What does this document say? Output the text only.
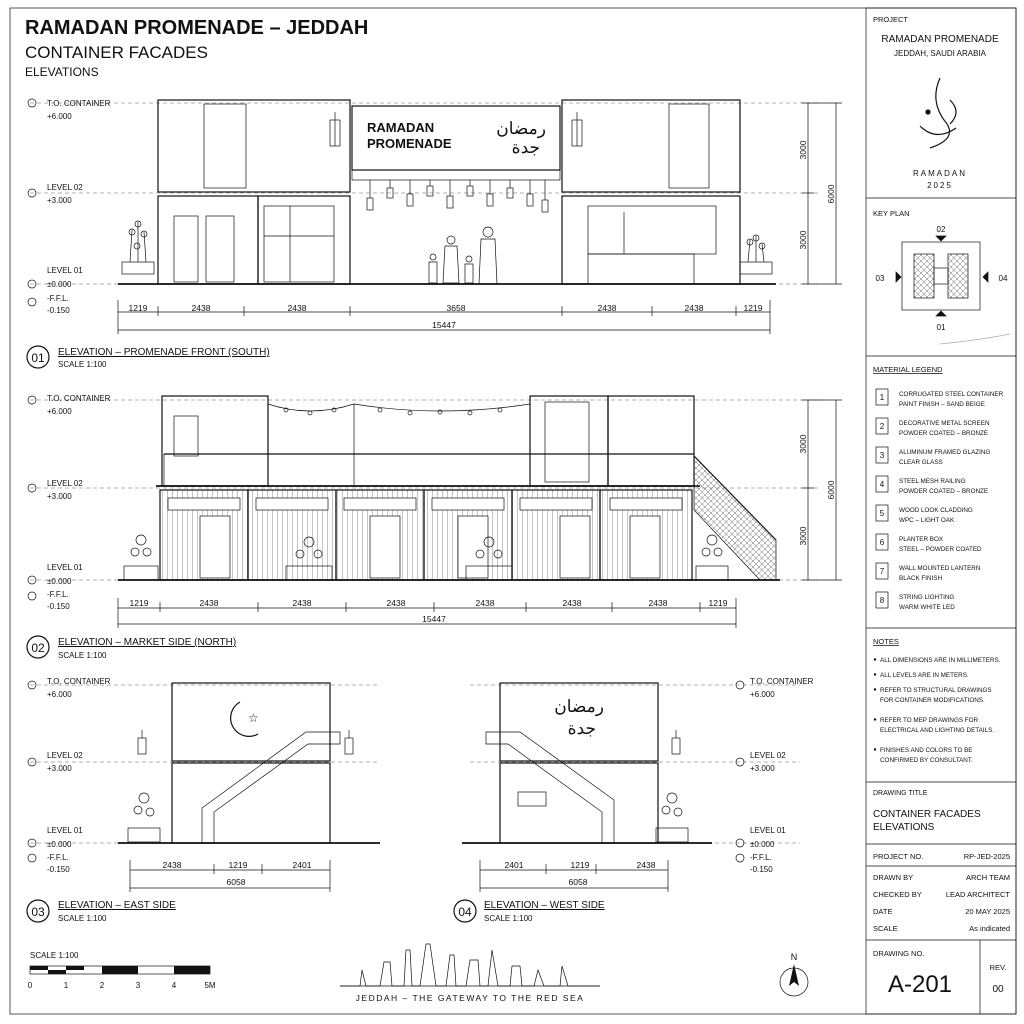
RAMADAN PROMENADE – JEDDAH
CONTAINER FACADES
ELEVATIONS
T.O. CONTAINER
+6.000
LEVEL 02
+3.000
LEVEL 01
±0.000
-F.F.L.
-0.150
RAMADAN
PROMENADE
رمضان
جدة	3000
3000
6000
1219	2438	2438	3658	2438	2438	1219
15447
01 ELEVATION – PROMENADE FRONT (SOUTH)
SCALE 1:100
T.O. CONTAINER
+6.000
LEVEL 02
+3.000
LEVEL 01
±0.000
-F.F.L.
-0.150
3000
3000
6000
1219	2438	2438	2438	2438	2438	2438	1219
15447
02 ELEVATION – MARKET SIDE (NORTH)
SCALE 1:100
T.O. CONTAINER
+6.000
LEVEL 02
+3.000
LEVEL 01
±0.000
-F.F.L.
-0.150
☆
2438	1219	2401
6058
03 ELEVATION – EAST SIDE
SCALE 1:100
T.O. CONTAINER
+6.000
LEVEL 02
+3.000
LEVEL 01
±0.000
-F.F.L.
-0.150
رمضان
جدة
2401	1219	2438
6058
04 ELEVATION – WEST SIDE
SCALE 1:100
SCALE 1:100
0	1	2	3	4	5M
JEDDAH – THE GATEWAY TO THE RED SEA
N
PROJECT
RAMADAN PROMENADE
JEDDAH, SAUDI ARABIA
RAMADAN
2025
KEY PLAN
02
03	04
01
MATERIAL LEGEND
1 CORRUGATED STEEL CONTAINER
PAINT FINISH – SAND BEIGE
2 DECORATIVE METAL SCREEN
POWDER COATED – BRONZE
3 ALUMINUM FRAMED GLAZING
CLEAR GLASS
4 STEEL MESH RAILING
POWDER COATED – BRONZE
5 WOOD LOOK CLADDING
WPC – LIGHT OAK
6 PLANTER BOX
STEEL – POWDER COATED
7 WALL MOUNTED LANTERN
BLACK FINISH
8 STRING LIGHTING
WARM WHITE LED
NOTES
ALL DIMENSIONS ARE IN MILLIMETERS.
ALL LEVELS ARE IN METERS.
REFER TO STRUCTURAL DRAWINGS
FOR CONTAINER MODIFICATIONS.
REFER TO MEP DRAWINGS FOR
ELECTRICAL AND LIGHTING DETAILS.
FINISHES AND COLORS TO BE
CONFIRMED BY CONSULTANT.
DRAWING TITLE
CONTAINER FACADES
ELEVATIONS
PROJECT NO.	RP-JED-2025
DRAWN BY	ARCH TEAM
CHECKED BY	LEAD ARCHITECT
DATE	20 MAY 2025
SCALE	As indicated
DRAWING NO.
A-201
REV.
00
